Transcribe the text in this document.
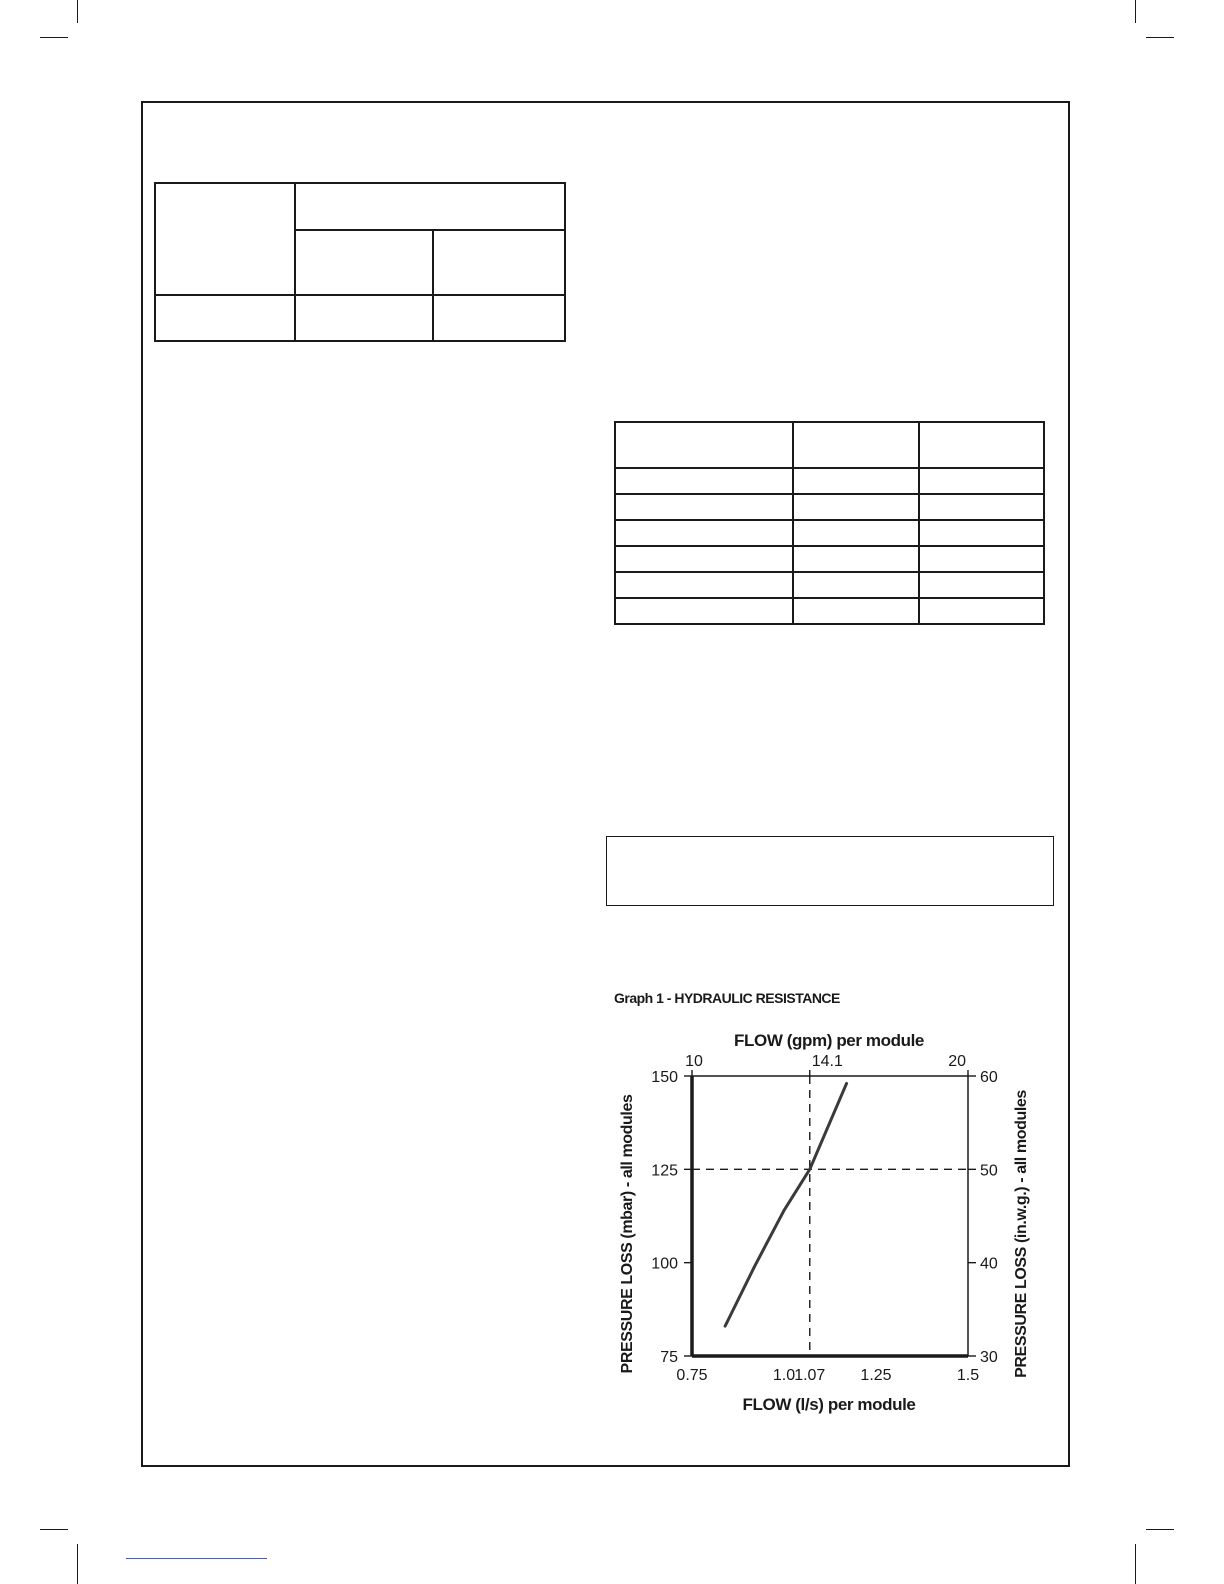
Graph 1 - HYDRAULIC RESISTANCE
75
100
125
150
30
40
50
60
0.75	1.0 1.07 1.25	1.5
10	14.1	20
FLOW (gpm) per module
FLOW (l/s) per module
PRESSURE LOSS (mbar) - all modules	PRESSURE LOSS (in.w.g.) - all modules
